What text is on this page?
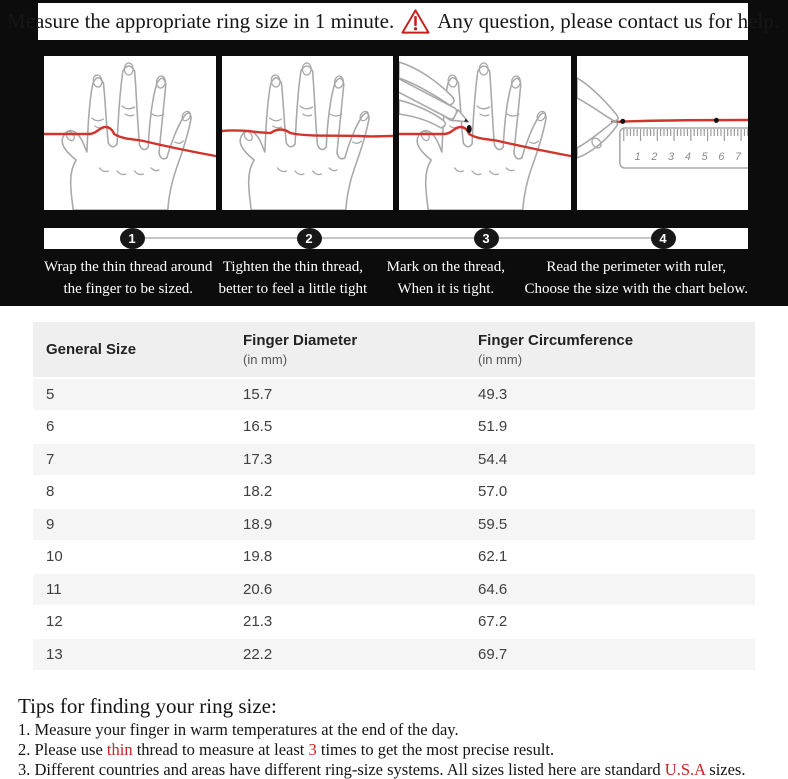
Measure the appropriate ring size in 1 minute. Any question, please contact us for help.
1 2 3 4 5 6 7
1	2	3	4
Wrap the thin thread around
the finger to be sized.
Tighten the thin thread,
better to feel a little tight
Mark on the thread,
When it is tight.
Read the perimeter with ruler,
Choose the size with the chart below.
General Size
Finger Diameter
(in mm)
Finger Circumference
(in mm)
5	15.7	49.3
6	16.5	51.9
7	17.3	54.4
8	18.2	57.0
9	18.9	59.5
10	19.8	62.1
11	20.6	64.6
12	21.3	67.2
13	22.2	69.7
Tips for finding your ring size:
1. Measure your finger in warm temperatures at the end of the day.
2. Please use thin thread to measure at least 3 times to get the most precise result.
3. Different countries and areas have different ring-size systems. All sizes listed here are standard U.S.A sizes.
